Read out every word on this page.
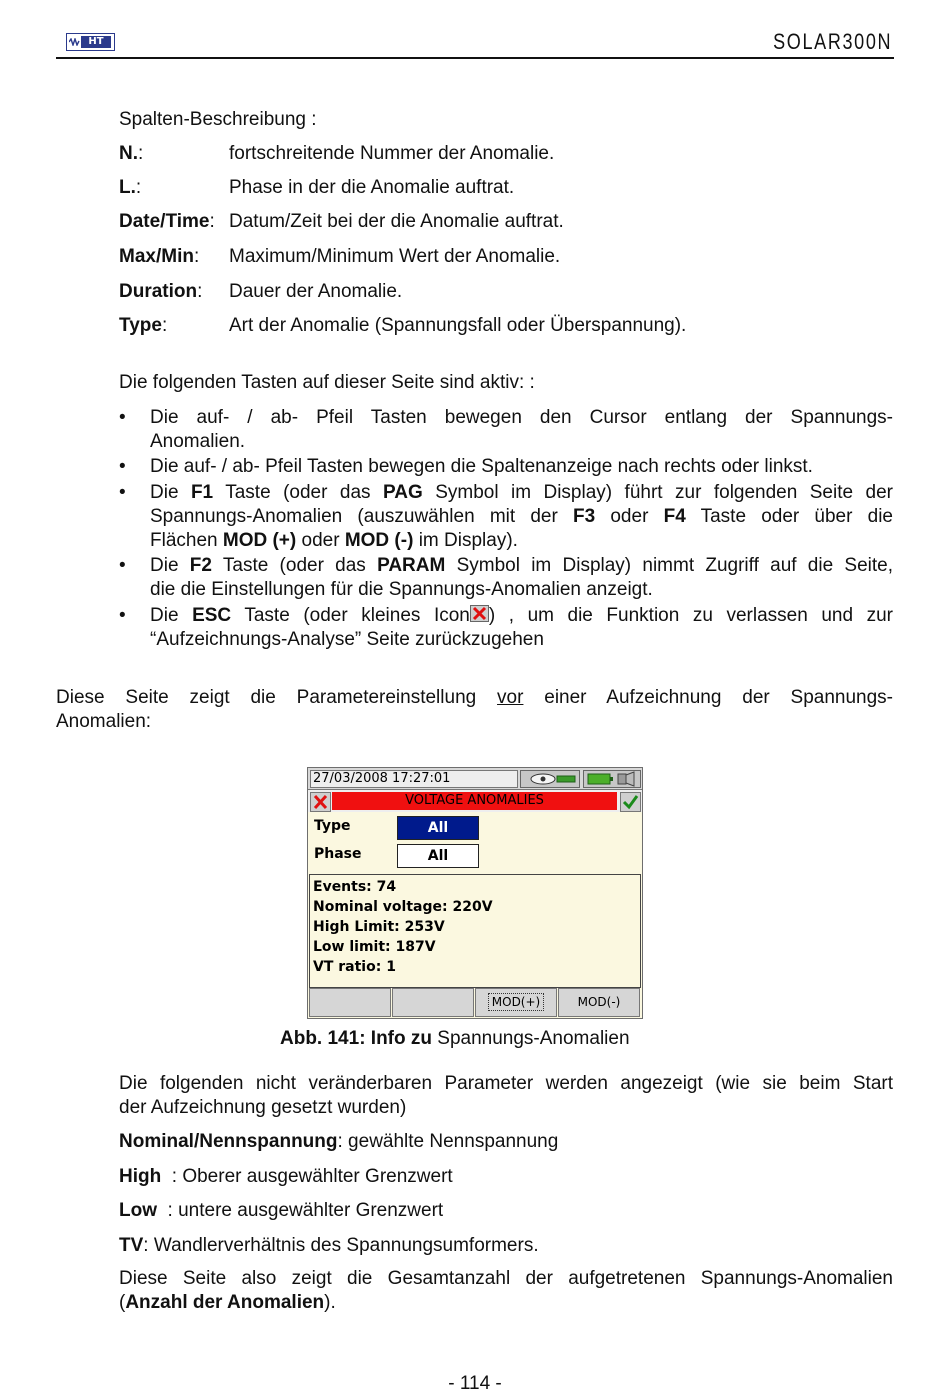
HT	SOLAR300N
Spalten-Beschreibung :
N.:	fortschreitende Nummer der Anomalie.
L.:	Phase in der die Anomalie auftrat.
Date/Time: Datum/Zeit bei der die Anomalie auftrat.
Max/Min: Maximum/Minimum Wert der Anomalie.
Duration: Dauer der Anomalie.
Type:	Art der Anomalie (Spannungsfall oder Überspannung).
Die folgenden Tasten auf dieser Seite sind aktiv: :
• Die auf- / ab- Pfeil Tasten bewegen den Cursor entlang der Spannungs-
Anomalien.
• Die auf- / ab- Pfeil Tasten bewegen die Spaltenanzeige nach rechts oder linkst.
• Die F1 Taste (oder das PAG Symbol im Display) führt zur folgenden Seite der
Spannungs-Anomalien (auszuwählen mit der F3 oder F4 Taste oder über die
Flächen MOD (+) oder MOD (-) im Display).
• Die F2 Taste (oder das PARAM Symbol im Display) nimmt Zugriff auf die Seite,
die die Einstellungen für die Spannungs-Anomalien anzeigt.
• Die ESC Taste (oder kleines Icon ) , um die Funktion zu verlassen und zur
“Aufzeichnungs-Analyse” Seite zurückzugehen
Diese Seite zeigt die Parametereinstellung vor einer Aufzeichnung der Spannungs-
Anomalien:
27/03/2008 17:27:01
VOLTAGE ANOMALIES
Type	All
Phase	All
Events: 74
Nominal voltage: 220V
High Limit: 253V
Low limit: 187V
VT ratio: 1
MOD(+)	MOD(-)
Abb. 141: Info zu Spannungs-Anomalien
Die folgenden nicht veränderbaren Parameter werden angezeigt (wie sie beim Start
der Aufzeichnung gesetzt wurden)
Nominal/Nennspannung: gewählte Nennspannung
High  : Oberer ausgewählter Grenzwert
Low  : untere ausgewählter Grenzwert
TV: Wandlerverhältnis des Spannungsumformers.
Diese Seite also zeigt die Gesamtanzahl der aufgetretenen Spannungs-Anomalien
(Anzahl der Anomalien).
- 114 -
